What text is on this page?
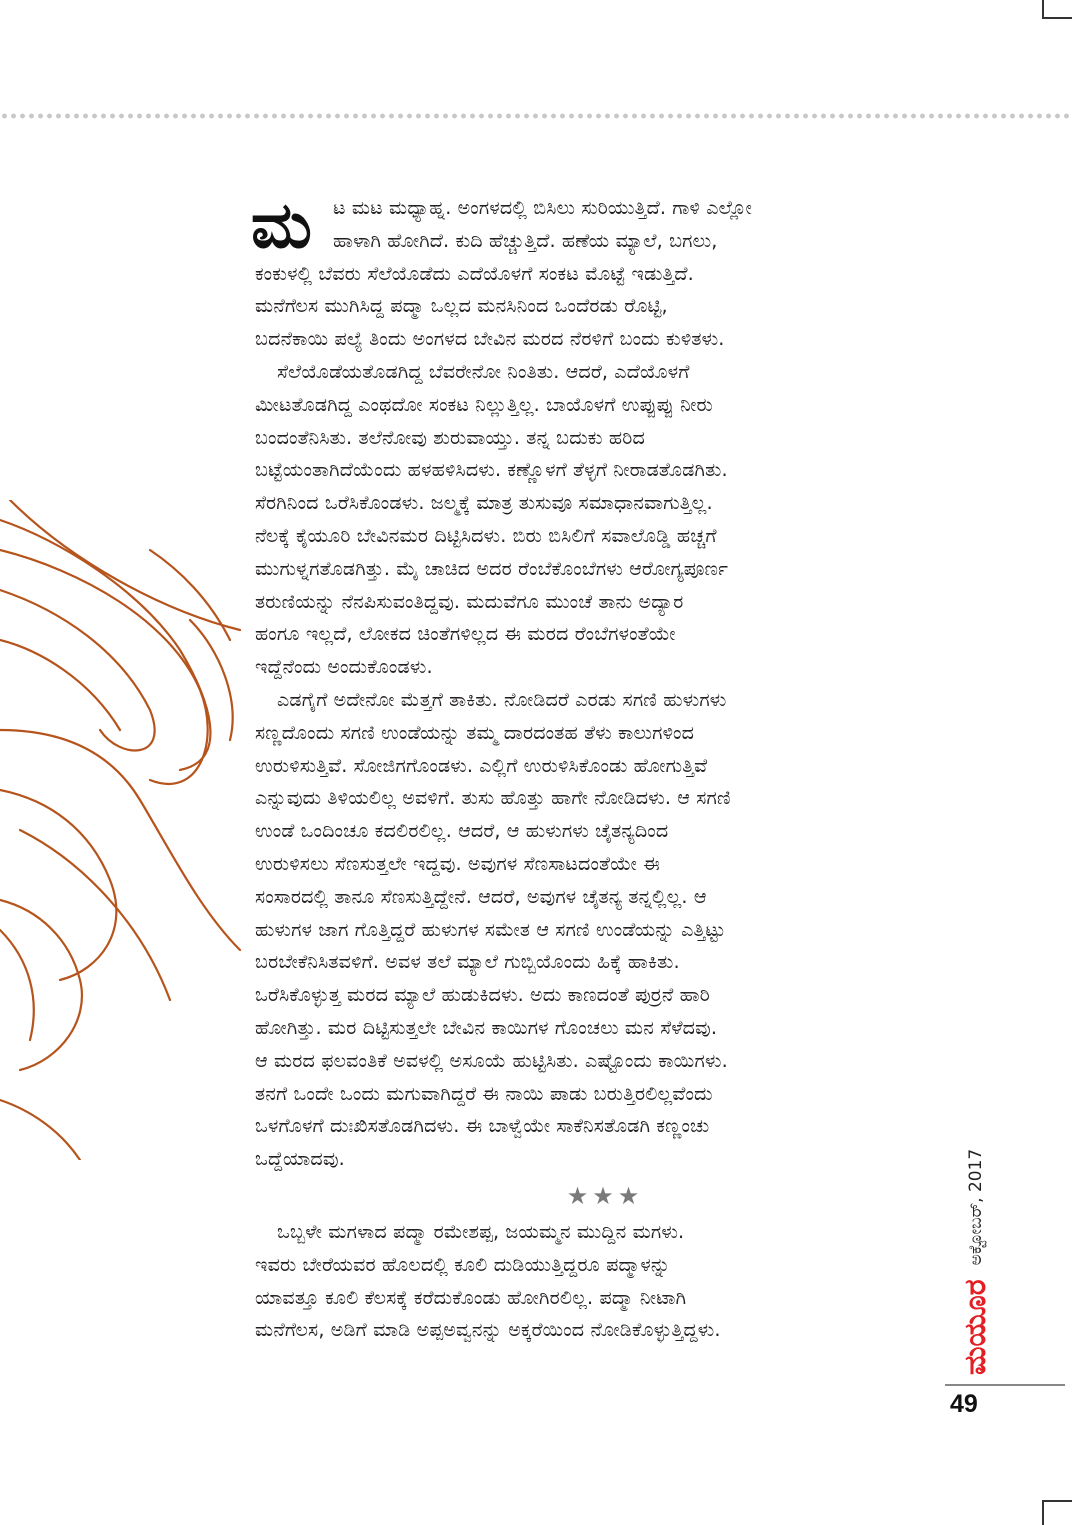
ಮ ಟ ಮಟ ಮಧ್ಯಾಹ್ನ. ಅಂಗಳದಲ್ಲಿ ಬಿಸಿಲು ಸುರಿಯುತ್ತಿದೆ. ಗಾಳಿ ಎಲ್ಲೋ
ಹಾಳಾಗಿ ಹೋಗಿದೆ. ಕುದಿ ಹೆಚ್ಚುತ್ತಿದೆ. ಹಣೆಯ ಮ್ಯಾಲೆ, ಬಗಲು,
ಕಂಕುಳಲ್ಲಿ ಬೆವರು ಸೆಲೆಯೊಡೆದು ಎದೆಯೊಳಗೆ ಸಂಕಟ ಮೊಟ್ಟೆ ಇಡುತ್ತಿದೆ.
ಮನೆಗೆಲಸ ಮುಗಿಸಿದ್ದ ಪದ್ಮಾ ಒಲ್ಲದ ಮನಸಿನಿಂದ ಒಂದೆರಡು ರೊಟ್ಟಿ,
ಬದನೆಕಾಯಿ ಪಲ್ಯೆ ತಿಂದು ಅಂಗಳದ ಬೇವಿನ ಮರದ ನೆರಳಿಗೆ ಬಂದು ಕುಳಿತಳು.
ಸೆಲೆಯೊಡೆಯತೊಡಗಿದ್ದ ಬೆವರೇನೋ ನಿಂತಿತು. ಆದರೆ, ಎದೆಯೊಳಗೆ
ಮೀಟತೊಡಗಿದ್ದ ಎಂಥದೋ ಸಂಕಟ ನಿಲ್ಲುತ್ತಿಲ್ಲ. ಬಾಯೊಳಗೆ ಉಪ್ಪುಪ್ಪು ನೀರು
ಬಂದಂತೆನಿಸಿತು. ತಲೆನೋವು ಶುರುವಾಯ್ತು. ತನ್ನ ಬದುಕು ಹರಿದ
ಬಟ್ಟೆಯಂತಾಗಿದೆಯೆಂದು ಹಳಹಳಿಸಿದಳು. ಕಣ್ಣೊಳಗೆ ತೆಳ್ಳಗೆ ನೀರಾಡತೊಡಗಿತು.
ಸೆರಗಿನಿಂದ ಒರೆಸಿಕೊಂಡಳು. ಜಲ್ಮಕ್ಕೆ ಮಾತ್ರ ತುಸುವೂ ಸಮಾಧಾನವಾಗುತ್ತಿಲ್ಲ.
ನೆಲಕ್ಕೆ ಕೈಯೂರಿ ಬೇವಿನಮರ ದಿಟ್ಟಿಸಿದಳು. ಬಿರು ಬಿಸಿಲಿಗೆ ಸವಾಲೊಡ್ಡಿ ಹಚ್ಚಗೆ
ಮುಗುಳ್ನಗತೊಡಗಿತ್ತು. ಮೈ ಚಾಚಿದ ಅದರ ರೆಂಬೆಕೊಂಬೆಗಳು ಆರೋಗ್ಯಪೂರ್ಣ
ತರುಣಿಯನ್ನು ನೆನಪಿಸುವಂತಿದ್ದವು. ಮದುವೆಗೂ ಮುಂಚೆ ತಾನು ಅದ್ಯಾರ
ಹಂಗೂ ಇಲ್ಲದೆ, ಲೋಕದ ಚಿಂತೆಗಳಿಲ್ಲದ ಈ ಮರದ ರೆಂಬೆಗಳಂತೆಯೇ
ಇದ್ದೆನೆಂದು ಅಂದುಕೊಂಡಳು.
ಎಡಗೈಗೆ ಅದೇನೋ ಮೆತ್ತಗೆ ತಾಕಿತು. ನೋಡಿದರೆ ಎರಡು ಸಗಣಿ ಹುಳುಗಳು
ಸಣ್ಣದೊಂದು ಸಗಣಿ ಉಂಡೆಯನ್ನು ತಮ್ಮ ದಾರದಂತಹ ತೆಳು ಕಾಲುಗಳಿಂದ
ಉರುಳಿಸುತ್ತಿವೆ. ಸೋಜಿಗಗೊಂಡಳು. ಎಲ್ಲಿಗೆ ಉರುಳಿಸಿಕೊಂಡು ಹೋಗುತ್ತಿವೆ
ಎನ್ನುವುದು ತಿಳಿಯಲಿಲ್ಲ ಅವಳಿಗೆ. ತುಸು ಹೊತ್ತು ಹಾಗೇ ನೋಡಿದಳು. ಆ ಸಗಣಿ
ಉಂಡೆ ಒಂದಿಂಚೂ ಕದಲಿರಲಿಲ್ಲ. ಆದರೆ, ಆ ಹುಳುಗಳು ಚೈತನ್ಯದಿಂದ
ಉರುಳಿಸಲು ಸೆಣಸುತ್ತಲೇ ಇದ್ದವು. ಅವುಗಳ ಸೆಣಸಾಟದಂತೆಯೇ ಈ
ಸಂಸಾರದಲ್ಲಿ ತಾನೂ ಸೆಣಸುತ್ತಿದ್ದೇನೆ. ಆದರೆ, ಅವುಗಳ ಚೈತನ್ಯ ತನ್ನಲ್ಲಿಲ್ಲ. ಆ
ಹುಳುಗಳ ಜಾಗ ಗೊತ್ತಿದ್ದರೆ ಹುಳುಗಳ ಸಮೇತ ಆ ಸಗಣಿ ಉಂಡೆಯನ್ನು ಎತ್ತಿಟ್ಟು
ಬರಬೇಕೆನಿಸಿತವಳಿಗೆ. ಅವಳ ತಲೆ ಮ್ಯಾಲೆ ಗುಬ್ಬಿಯೊಂದು ಹಿಕ್ಕೆ ಹಾಕಿತು.
ಒರೆಸಿಕೊಳ್ಳುತ್ತ ಮರದ ಮ್ಯಾಲೆ ಹುಡುಕಿದಳು. ಅದು ಕಾಣದಂತೆ ಪುರ್ರನೆ ಹಾರಿ
ಹೋಗಿತ್ತು. ಮರ ದಿಟ್ಟಿಸುತ್ತಲೇ ಬೇವಿನ ಕಾಯಿಗಳ ಗೊಂಚಲು ಮನ ಸೆಳೆದವು.
ಆ ಮರದ ಫಲವಂತಿಕೆ ಅವಳಲ್ಲಿ ಅಸೂಯೆ ಹುಟ್ಟಿಸಿತು. ಎಷ್ಟೊಂದು ಕಾಯಿಗಳು.
ತನಗೆ ಒಂದೇ ಒಂದು ಮಗುವಾಗಿದ್ದರೆ ಈ ನಾಯಿ ಪಾಡು ಬರುತ್ತಿರಲಿಲ್ಲವೆಂದು
ಒಳಗೊಳಗೆ ದುಃಖಿಸತೊಡಗಿದಳು. ಈ ಬಾಳ್ವೆಯೇ ಸಾಕೆನಿಸತೊಡಗಿ ಕಣ್ಣಂಚು
ಒದ್ದೆಯಾದವು.
★★★
ಒಬ್ಬಳೇ ಮಗಳಾದ ಪದ್ಮಾ ರಮೇಶಪ್ಪ, ಜಯಮ್ಮನ ಮುದ್ದಿನ ಮಗಳು.
ಇವರು ಬೇರೆಯವರ ಹೊಲದಲ್ಲಿ ಕೂಲಿ ದುಡಿಯುತ್ತಿದ್ದರೂ ಪದ್ಮಾಳನ್ನು
ಯಾವತ್ತೂ ಕೂಲಿ ಕೆಲಸಕ್ಕೆ ಕರೆದುಕೊಂಡು ಹೋಗಿರಲಿಲ್ಲ. ಪದ್ಮಾ ನೀಟಾಗಿ
ಮನೆಗೆಲಸ, ಅಡಿಗೆ ಮಾಡಿ ಅಪ್ಪಅವ್ವನನ್ನು ಅಕ್ಕರೆಯಿಂದ ನೋಡಿಕೊಳ್ಳುತ್ತಿದ್ದಳು.	ಮಯೂರ
ಅಕ್ಟೋಬರ್, 2017
49
